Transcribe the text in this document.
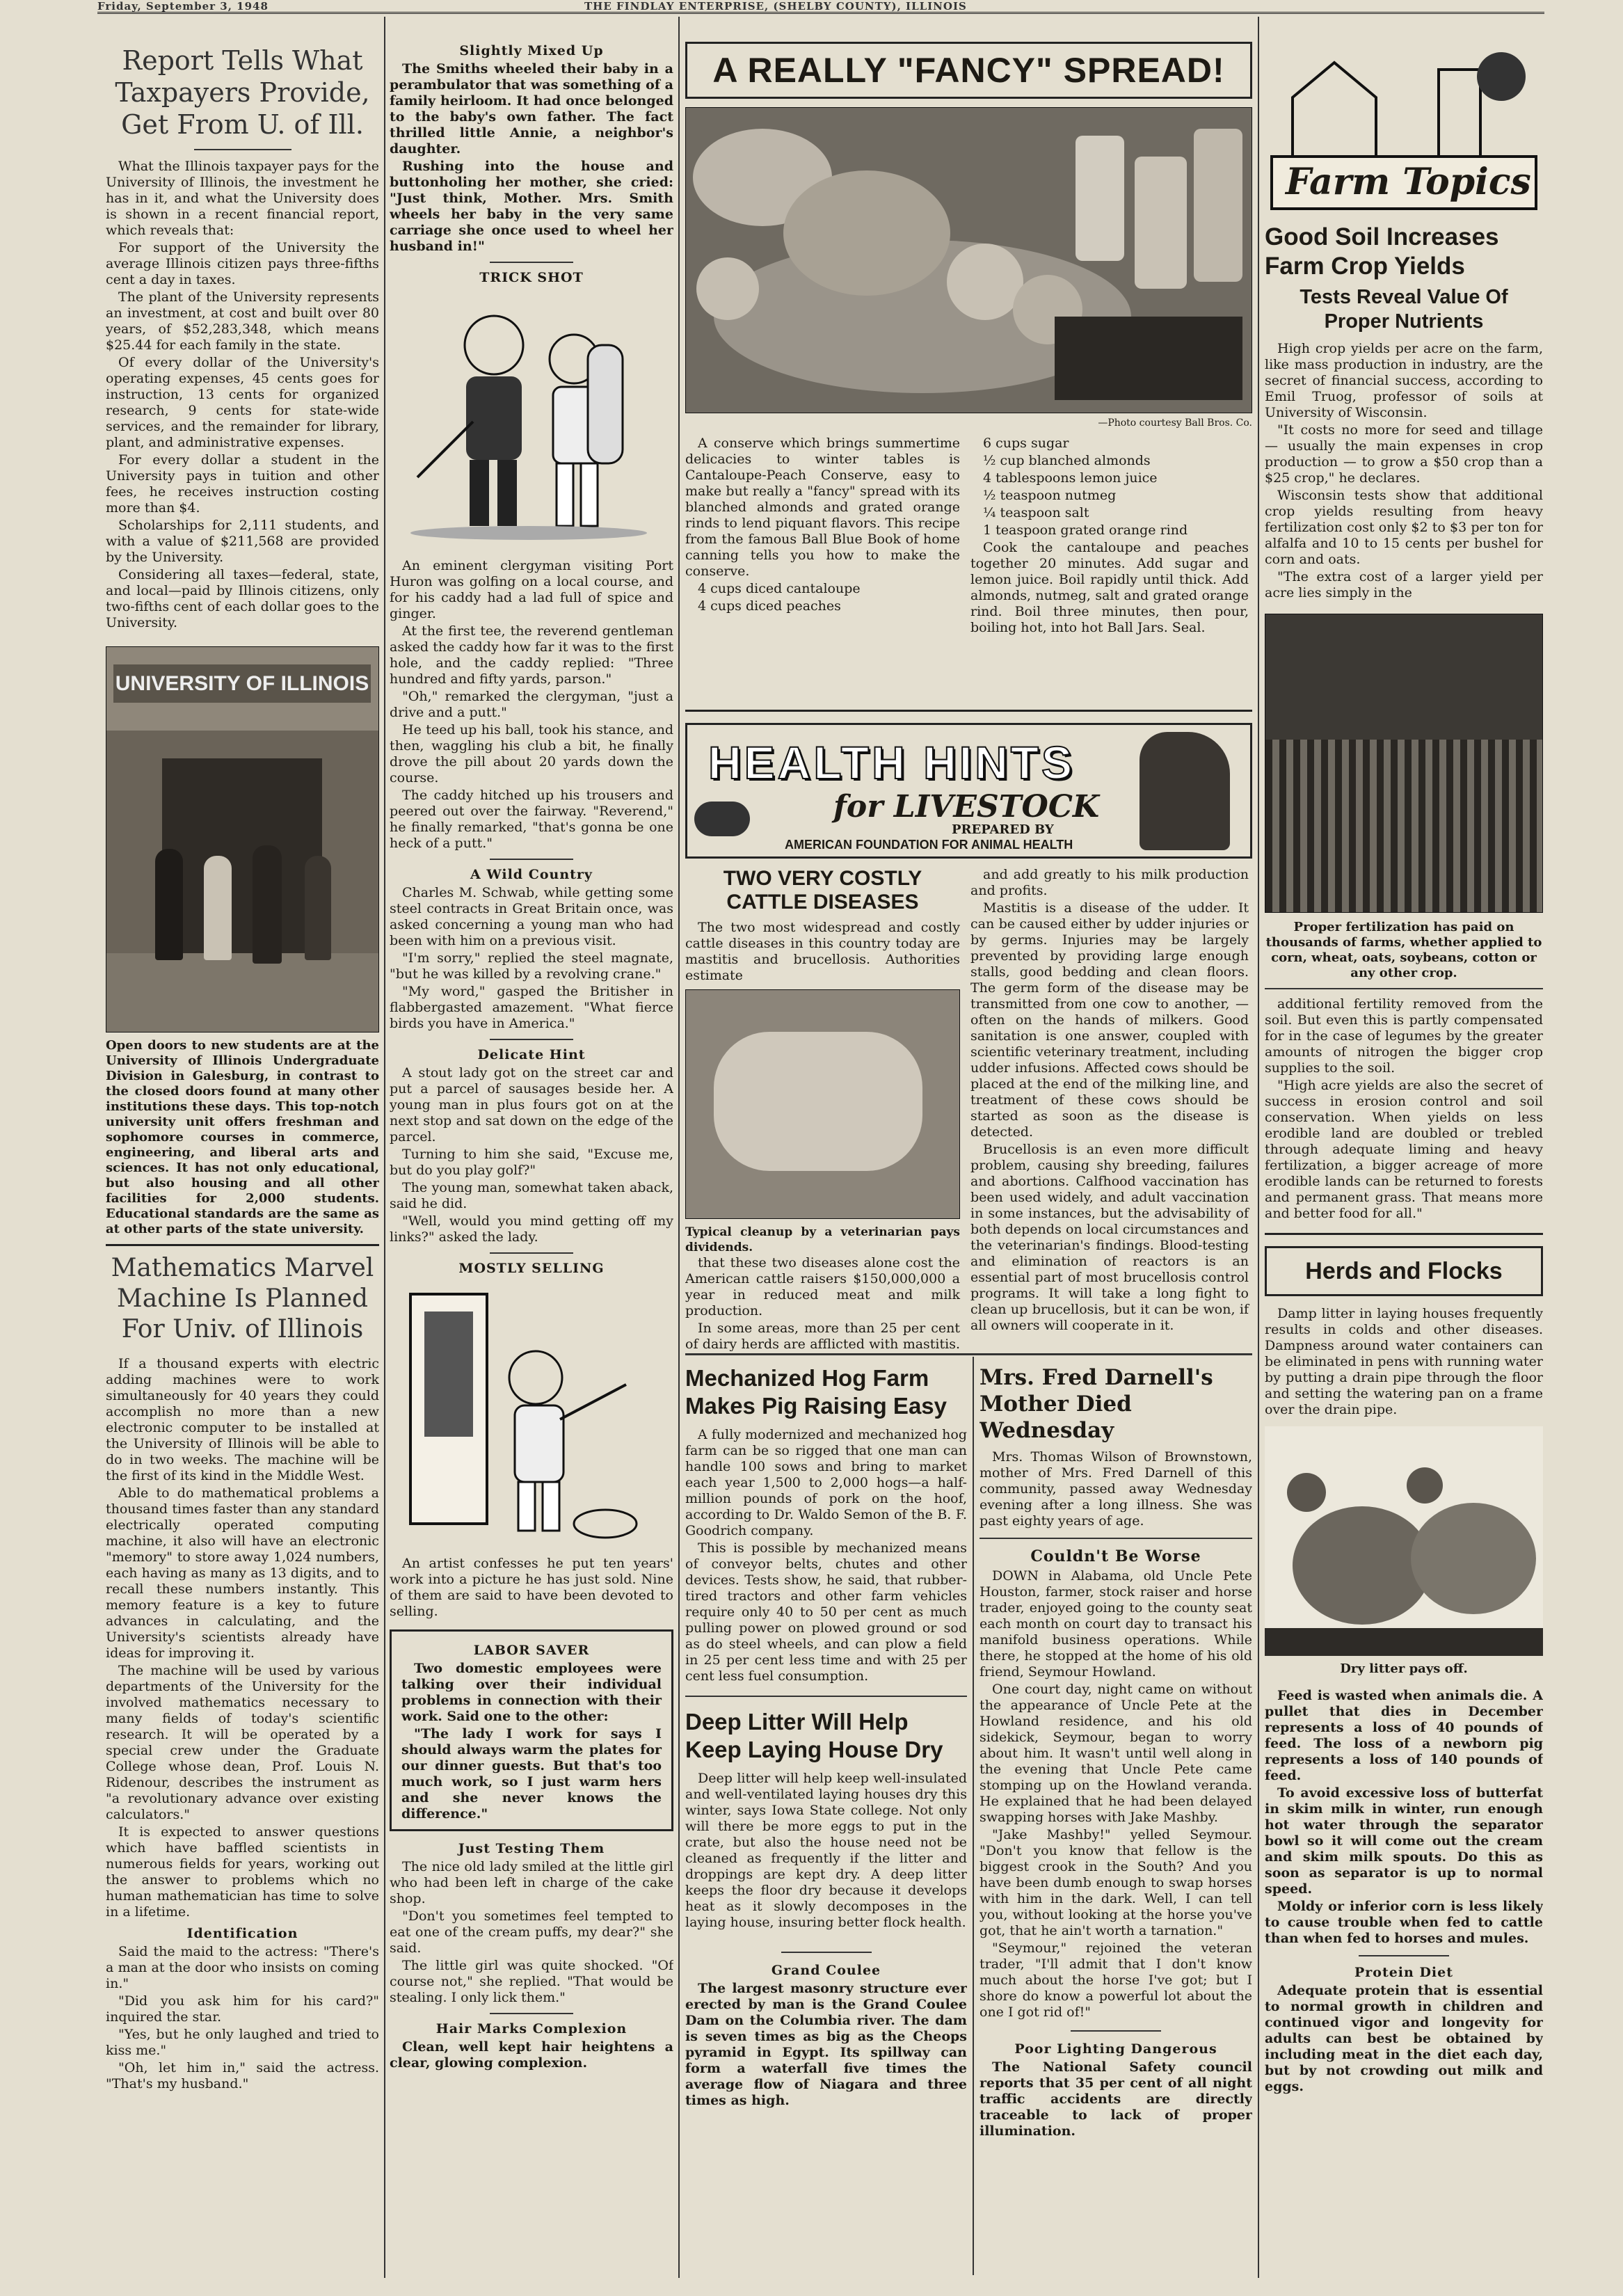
Friday, September 3, 1948	THE FINDLAY ENTERPRISE, (SHELBY COUNTY), ILLINOIS
Report Tells What Taxpayers Provide, Get From U. of Ill.

What the Illinois taxpayer pays for the University of Illinois, the investment he has in it, and what the University does is shown in a recent financial report, which reveals that:

For support of the University the average Illinois citizen pays three-fifths cent a day in taxes.

The plant of the University represents an investment, at cost and built over 80 years, of $52,283,348, which means $25.44 for each family in the state.

Of every dollar of the University's operating expenses, 45 cents goes for instruction, 13 cents for organized research, 9 cents for state-wide services, and the remainder for library, plant, and administrative expenses.

For every dollar a student in the University pays in tuition and other fees, he receives instruction costing more than $4.

Scholarships for 2,111 students, and with a value of $211,568 are provided by the University.

Considering all taxes—federal, state, and local—paid by Illinois citizens, only two-fifths cent of each dollar goes to the University.

UNIVERSITY OF ILLINOIS
Open doors to new students are at the University of Illinois Undergraduate Division in Galesburg, in contrast to the closed doors found at many other institutions these days. This top-notch university unit offers freshman and sophomore courses in commerce, engineering, and liberal arts and sciences. It has not only educational, but also housing and all other facilities for 2,000 students. Educational standards are the same as at other parts of the state university.
Mathematics Marvel Machine Is Planned For Univ. of Illinois

If a thousand experts with electric adding machines were to work simultaneously for 40 years they could accomplish no more than a new electronic computer to be installed at the University of Illinois will be able to do in two weeks. The machine will be the first of its kind in the Middle West.

Able to do mathematical problems a thousand times faster than any standard electrically operated computing machine, it also will have an electronic "memory" to store away 1,024 numbers, each having as many as 13 digits, and to recall these numbers instantly. This memory feature is a key to future advances in calculating, and the University's scientists already have ideas for improving it.

The machine will be used by various departments of the University for the involved mathematics necessary to many fields of today's scientific research. It will be operated by a special crew under the Graduate College whose dean, Prof. Louis N. Ridenour, describes the instrument as "a revolutionary advance over existing calculators."

It is expected to answer questions which have baffled scientists in numerous fields for years, working out the answer to problems which no human mathematician has time to solve in a lifetime.

Identification

Said the maid to the actress: "There's a man at the door who insists on coming in."

"Did you ask him for his card?" inquired the star.

"Yes, but he only laughed and tried to kiss me."

"Oh, let him in," said the actress. "That's my husband."

Slightly Mixed Up

The Smiths wheeled their baby in a perambulator that was something of a family heirloom. It had once belonged to the baby's own father. The fact thrilled little Annie, a neighbor's daughter.

Rushing into the house and buttonholing her mother, she cried: "Just think, Mother. Mrs. Smith wheels her baby in the very same carriage she once used to wheel her husband in!"

TRICK SHOT

An eminent clergyman visiting Port Huron was golfing on a local course, and for his caddy had a lad full of spice and ginger.

At the first tee, the reverend gentleman asked the caddy how far it was to the first hole, and the caddy replied: "Three hundred and fifty yards, parson."

"Oh," remarked the clergyman, "just a drive and a putt."

He teed up his ball, took his stance, and then, waggling his club a bit, he finally drove the pill about 20 yards down the course.

The caddy hitched up his trousers and peered out over the fairway. "Reverend," he finally remarked, "that's gonna be one heck of a putt."

A Wild Country

Charles M. Schwab, while getting some steel contracts in Great Britain once, was asked concerning a young man who had been with him on a previous visit.

"I'm sorry," replied the steel magnate, "but he was killed by a revolving crane."

"My word," gasped the Britisher in flabbergasted amazement. "What fierce birds you have in America."

Delicate Hint

A stout lady got on the street car and put a parcel of sausages beside her. A young man in plus fours got on at the next stop and sat down on the edge of the parcel.

Turning to him she said, "Excuse me, but do you play golf?"

The young man, somewhat taken aback, said he did.

"Well, would you mind getting off my links?" asked the lady.

MOSTLY SELLING

An artist confesses he put ten years' work into a picture he has just sold. Nine of them are said to have been devoted to selling.

LABOR SAVER

Two domestic employees were talking over their individual problems in connection with their work. Said one to the other:

"The lady I work for says I should always warm the plates for our dinner guests. But that's too much work, so I just warm hers and she never knows the difference."

Just Testing Them

The nice old lady smiled at the little girl who had been left in charge of the cake shop.

"Don't you sometimes feel tempted to eat one of the cream puffs, my dear?" she said.

The little girl was quite shocked. "Of course not," she replied. "That would be stealing. I only lick them."

Hair Marks Complexion

Clean, well kept hair heightens a clear, glowing complexion.

A REALLY "FANCY" SPREAD!
—Photo courtesy Ball Bros. Co.

A conserve which brings summertime delicacies to winter tables is Cantaloupe-Peach Conserve, easy to make but really a "fancy" spread with its blanched almonds and grated orange rinds to lend piquant flavors. This recipe from the famous Ball Blue Book of home canning tells you how to make the conserve.

4 cups diced cantaloupe

4 cups diced peaches

6 cups sugar

½ cup blanched almonds

4 tablespoons lemon juice

½ teaspoon nutmeg

¼ teaspoon salt

1 teaspoon grated orange rind

Cook the cantaloupe and peaches together 20 minutes. Add sugar and lemon juice. Boil rapidly until thick. Add almonds, nutmeg, salt and grated orange rind. Boil three minutes, then pour, boiling hot, into hot Ball Jars. Seal.

HEALTH HINTS
for LIVESTOCK
PREPARED BY
AMERICAN FOUNDATION FOR ANIMAL HEALTH
TWO VERY COSTLY CATTLE DISEASES

The two most widespread and costly cattle diseases in this country today are mastitis and brucellosis. Authorities estimate

Typical cleanup by a veterinarian pays dividends.

that these two diseases alone cost the American cattle raisers $150,000,000 a year in reduced meat and milk production.

In some areas, more than 25 per cent of dairy herds are afflicted with mastitis.

and add greatly to his milk production and profits.

Mastitis is a disease of the udder. It can be caused either by udder injuries or by germs. Injuries may be largely prevented by providing large enough stalls, good bedding and clean floors. The germ form of the disease may be transmitted from one cow to another, — often on the hands of milkers. Good sanitation is one answer, coupled with scientific veterinary treatment, including udder infusions. Affected cows should be placed at the end of the milking line, and treatment of these cows should be started as soon as the disease is detected.

Brucellosis is an even more difficult problem, causing shy breeding, failures and abortions. Calfhood vaccination has been used widely, and adult vaccination in some instances, but the advisability of both depends on local circumstances and the veterinarian's findings. Blood-testing and elimination of reactors is an essential part of most brucellosis control programs. It will take a long fight to clean up brucellosis, but it can be won, if all owners will cooperate in it.

Mechanized Hog Farm Makes Pig Raising Easy

A fully modernized and mechanized hog farm can be so rigged that one man can handle 100 sows and bring to market each year 1,500 to 2,000 hogs—a half-million pounds of pork on the hoof, according to Dr. Waldo Semon of the B. F. Goodrich company.

This is possible by mechanized means of conveyor belts, chutes and other devices. Tests show, he said, that rubber-tired tractors and other farm vehicles require only 40 to 50 per cent as much pulling power on plowed ground or sod as do steel wheels, and can plow a field in 25 per cent less time and with 25 per cent less fuel consumption.

Deep Litter Will Help Keep Laying House Dry

Deep litter will help keep well-insulated and well-ventilated laying houses dry this winter, says Iowa State college. Not only will there be more eggs to put in the crate, but also the house need not be cleaned as frequently if the litter and droppings are kept dry. A deep litter keeps the floor dry because it develops heat as it slowly decomposes in the laying house, insuring better flock health.

Grand Coulee

The largest masonry structure ever erected by man is the Grand Coulee Dam on the Columbia river. The dam is seven times as big as the Cheops pyramid in Egypt. Its spillway can form a waterfall five times the average flow of Niagara and three times as high.

Mrs. Fred Darnell's Mother Died Wednesday

Mrs. Thomas Wilson of Brownstown, mother of Mrs. Fred Darnell of this community, passed away Wednesday evening after a long illness. She was past eighty years of age.

Couldn't Be Worse

DOWN in Alabama, old Uncle Pete Houston, farmer, stock raiser and horse trader, enjoyed going to the county seat each month on court day to transact his manifold business operations. While there, he stopped at the home of his old friend, Seymour Howland.

One court day, night came on without the appearance of Uncle Pete at the Howland residence, and his old sidekick, Seymour, began to worry about him. It wasn't until well along in the evening that Uncle Pete came stomping up on the Howland veranda. He explained that he had been delayed swapping horses with Jake Mashby.

"Jake Mashby!" yelled Seymour. "Don't you know that fellow is the biggest crook in the South? And you have been dumb enough to swap horses with him in the dark. Well, I can tell you, without looking at the horse you've got, that he ain't worth a tarnation."

"Seymour," rejoined the veteran trader, "I'll admit that I don't know much about the horse I've got; but I shore do know a powerful lot about the one I got rid of!"

Poor Lighting Dangerous

The National Safety council reports that 35 per cent of all night traffic accidents are directly traceable to lack of proper illumination.

Farm Topics
Good Soil Increases Farm Crop Yields
Tests Reveal Value Of Proper Nutrients

High crop yields per acre on the farm, like mass production in industry, are the secret of financial success, according to Emil Truog, professor of soils at University of Wisconsin.

"It costs no more for seed and tillage — usually the main expenses in crop production — to grow a $50 crop than a $25 crop," he declares.

Wisconsin tests show that additional crop yields resulting from heavy fertilization cost only $2 to $3 per ton for alfalfa and 10 to 15 cents per bushel for corn and oats.

"The extra cost of a larger yield per acre lies simply in the

Proper fertilization has paid on thousands of farms, whether applied to corn, wheat, oats, soybeans, cotton or any other crop.

additional fertility removed from the soil. But even this is partly compensated for in the case of legumes by the greater amounts of nitrogen the bigger crop supplies to the soil.

"High acre yields are also the secret of success in erosion control and soil conservation. When yields on less erodible land are doubled or trebled through adequate liming and heavy fertilization, a bigger acreage of more erodible lands can be returned to forests and permanent grass. That means more and better food for all."

Herds and Flocks

Damp litter in laying houses frequently results in colds and other diseases. Dampness around water containers can be eliminated in pens with running water by putting a drain pipe through the floor and setting the watering pan on a frame over the drain pipe.

Dry litter pays off.

Feed is wasted when animals die. A pullet that dies in December represents a loss of 40 pounds of feed. The loss of a newborn pig represents a loss of 140 pounds of feed.

To avoid excessive loss of butterfat in skim milk in winter, run enough hot water through the separator bowl so it will come out the cream and skim milk spouts. Do this as soon as separator is up to normal speed.

Moldy or inferior corn is less likely to cause trouble when fed to cattle than when fed to horses and mules.

Protein Diet

Adequate protein that is essential to normal growth in children and continued vigor and longevity for adults can best be obtained by including meat in the diet each day, but by not crowding out milk and eggs.
